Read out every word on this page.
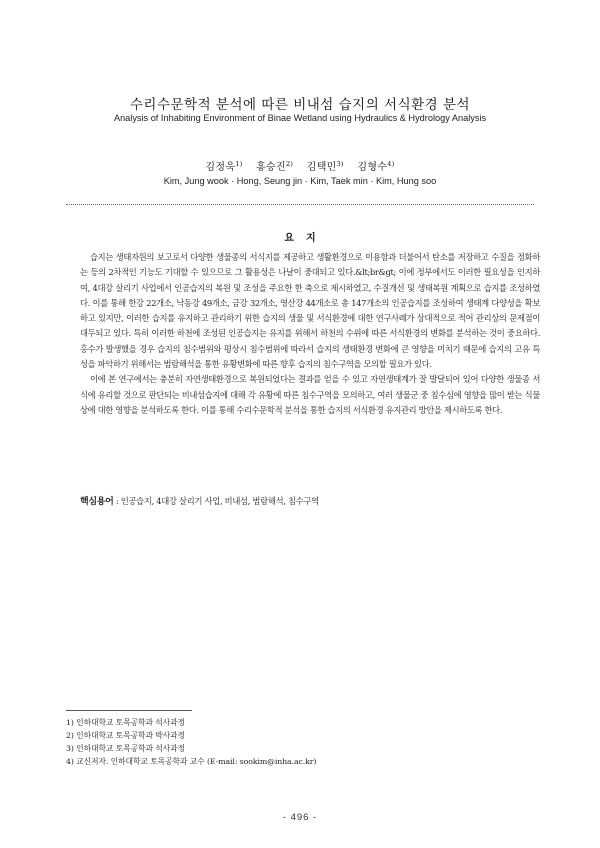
수리수문학적 분석에 따른 비내섬 습지의 서식환경 분석
Analysis of Inhabiting Environment of Binae Wetland using Hydraulics & Hydrology Analysis
김정욱$^{1)}$ 홍승진$^{2)}$ 김택민$^{3)}$ 김형수$^{4)}$
Kim, Jung wook · Hong, Seung jin · Kim, Taek min · Kim, Hung soo
요지

습지는 생태자원의 보고로서 다양한 생물종의 서식지를 제공하고 생활환경으로 이용함과 더불어서 탄소를 저장하고 수질을 정화하는 등의 2차적인 기능도 기대할 수 있으므로 그 활용성은 나날이 중대되고 있다.&lt;br&gt; 이에 정부에서도 이러한 필요성을 인지하여, 4대강 살리기 사업에서 인공습지의 복원 및 조성을 주요한 한 축으로 제시하였고, 수질개선 및 생태복원 계획으로 습지를 조성하였다. 이를 통해 한강 22개소, 낙동강 49개소, 금강 32개소, 영산강 44개소로 총 147개소의 인공습지를 조성하여 생태계 다양성을 확보하고 있지만, 이러한 습지를 유지하고 관리하기 위한 습지의 생물 및 서식환경에 대한 연구사례가 상대적으로 적어 관리상의 문제점이 대두되고 있다. 특히 이러한 하천에 조성된 인공습지는 유지를 위해서 하천의 수위에 따른 서식환경의 변화를 분석하는 것이 중요하다. 홍수가 발생했을 경우 습지의 침수범위와 평상시 침수범위에 따라서 습지의 생태환경 변화에 큰 영향을 미치기 때문에 습지의 고유 특성을 파악하기 위해서는 범람해석을 통한 유황변화에 따른 향후 습지의 침수구역을 모의할 필요가 있다.

이에 본 연구에서는 충분히 자연생태환경으로 복원되었다는 결과를 얻을 수 있고 자연생태계가 잘 발달되어 있어 다양한 생물종 서식에 유리할 것으로 판단되는 비내섬습지에 대해 각 유황에 따른 침수구역을 모의하고, 여러 생물군 중 침수심에 영향을 많이 받는 식물상에 대한 영향을 분석하도록 한다. 이를 통해 수리수문학적 분석을 통한 습지의 서식환경 유지관리 방안을 제시하도록 한다.

핵심용어 : 인공습지, 4대강 살리기 사업, 비내섬, 범람해석, 침수구역
1) 인하대학교 토목공학과 석사과정
2) 인하대학교 토목공학과 박사과정
3) 인하대학교 토목공학과 석사과정
4) 교신저자. 인하대학교 토목공학과 교수 (E-mail: sookim@inha.ac.kr)
- 496 -
